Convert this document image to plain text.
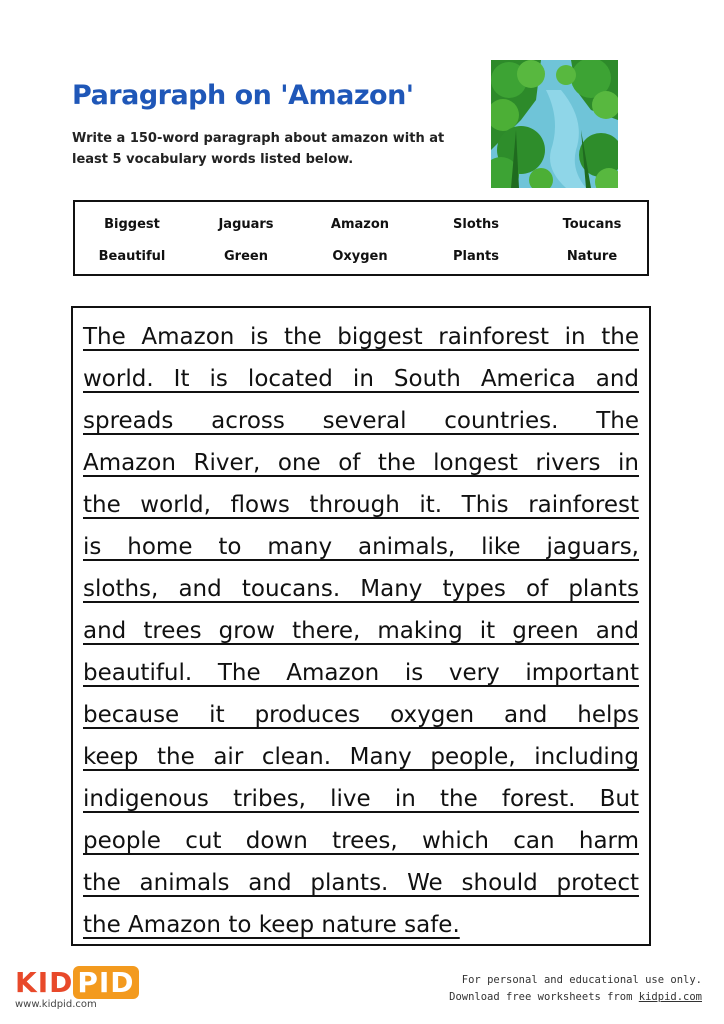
Paragraph on 'Amazon'

Write a 150-word paragraph about amazon with at least 5 vocabulary words listed below.

Biggest	Jaguars	Amazon	Sloths	Toucans
Beautiful	Green	Oxygen	Plants	Nature
The Amazon is the biggest rainforest in the
world. It is located in South America and
spreads across several countries. The
Amazon River, one of the longest rivers in
the world, flows through it. This rainforest
is home to many animals, like jaguars,
sloths, and toucans. Many types of plants
and trees grow there, making it green and
beautiful. The Amazon is very important
because it produces oxygen and helps
keep the air clean. Many people, including
indigenous tribes, live in the forest. But
people cut down trees, which can harm
the animals and plants. We should protect
the Amazon to keep nature safe.
KID PID
www.kidpid.com
For personal and educational use only.
Download free worksheets from kidpid.com
